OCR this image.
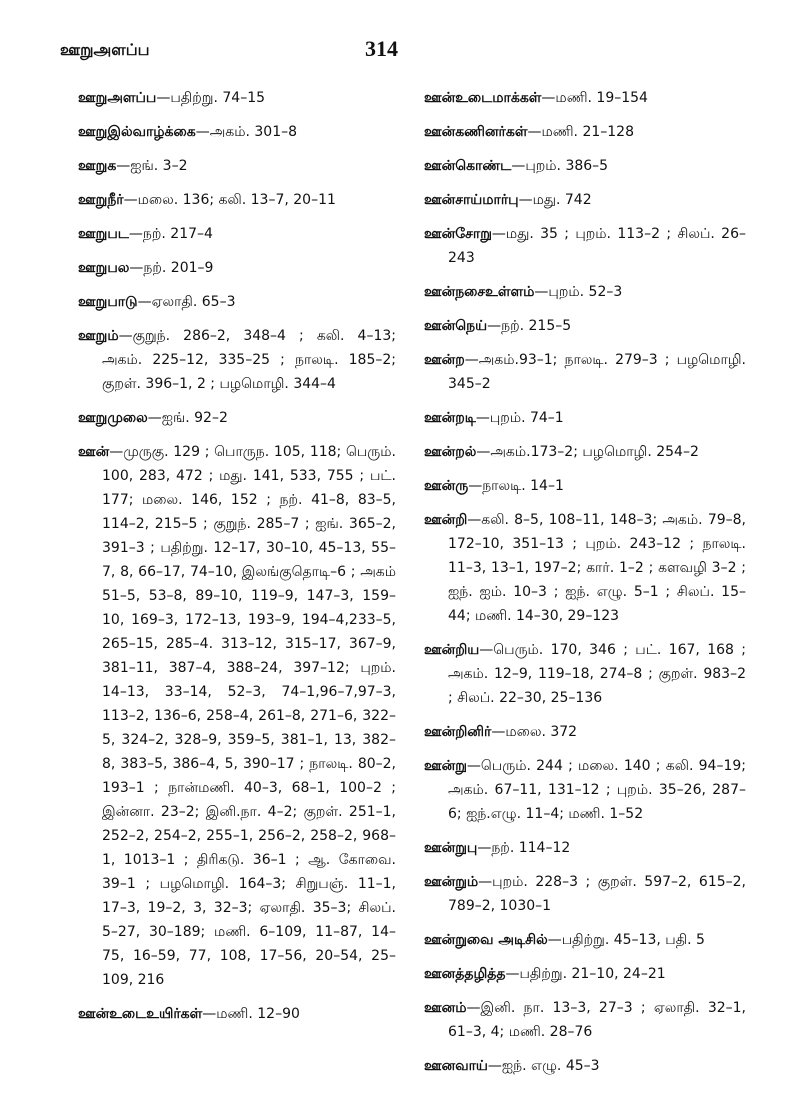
ஊறுஅளப்ப	314

ஊறுஅளப்ப—பதிற்று. 74–15

ஊறுஇல்வாழ்க்கை—அகம். 301–8

ஊறுக—ஐங். 3–2

ஊறுநீர்—மலை. 136; கலி. 13–7, 20–11

ஊறுபட—நற். 217–4

ஊறுபல—நற். 201–9

ஊறுபாடு—ஏலாதி. 65–3

ஊறும்—குறுந். 286–2, 348–4 ; கலி. 4–13; அகம். 225–12, 335–25 ; நாலடி. 185–2; குறள். 396–1, 2 ; பழமொழி. 344–4

ஊறுமுலை—ஐங். 92–2

ஊன்—முருகு. 129 ; பொருந. 105, 118; பெரும். 100, 283, 472 ; மது. 141, 533, 755 ; பட். 177; மலை. 146, 152 ; நற். 41–8, 83–5, 114–2, 215–5 ; குறுந். 285–7 ; ஐங். 365–2, 391–3 ; பதிற்று. 12–17, 30–10, 45–13, 55–7, 8, 66–17, 74–10, இலங்குதொடி–6 ; அகம் 51–5, 53–8, 89–10, 119–9, 147–3, 159–10, 169–3, 172–13, 193–9, 194–4,233–5, 265–15, 285–4. 313–12, 315–17, 367–9, 381–11, 387–4, 388–24, 397–12; புறம். 14–13, 33–14, 52–3, 74–1,96–7,97–3, 113–2, 136–6, 258–4, 261–8, 271–6, 322–5, 324–2, 328–9, 359–5, 381–1, 13, 382–8, 383–5, 386–4, 5, 390–17 ; நாலடி. 80–2, 193–1 ; நான்மணி. 40–3, 68–1, 100–2 ; இன்னா. 23–2; இனி.நா. 4–2; குறள். 251–1, 252–2, 254–2, 255–1, 256–2, 258–2, 968–1, 1013–1 ; திரிகடு. 36–1 ; ஆ. கோவை. 39–1 ; பழமொழி. 164–3; சிறுபஞ். 11–1, 17–3, 19–2, 3, 32–3; ஏலாதி. 35–3; சிலப். 5–27, 30–189; மணி. 6–109, 11–87, 14–75, 16–59, 77, 108, 17–56, 20–54, 25–109, 216

ஊன்உடைஉயிர்கள்—மணி. 12–90

ஊன்உடைமாக்கள்—மணி. 19–154

ஊன்கணினர்கள்—மணி. 21–128

ஊன்கொண்ட—புறம். 386–5

ஊன்சாய்மார்பு—மது. 742

ஊன்சோறு—மது. 35 ; புறம். 113–2 ; சிலப். 26–243

ஊன்நசைஉள்ளம்—புறம். 52–3

ஊன்நெய்—நற். 215–5

ஊன்ற—அகம்.93–1; நாலடி. 279–3 ; பழமொழி. 345–2

ஊன்றடி—புறம். 74–1

ஊன்றல்—அகம்.173–2; பழமொழி. 254–2

ஊன்ரு—நாலடி. 14–1

ஊன்றி—கலி. 8–5, 108–11, 148–3; அகம். 79–8, 172–10, 351–13 ; புறம். 243–12 ; நாலடி. 11–3, 13–1, 197–2; கார். 1–2 ; களவழி 3–2 ; ஐந். ஐம். 10–3 ; ஐந். எழு. 5–1 ; சிலப். 15–44; மணி. 14–30, 29–123

ஊன்றிய—பெரும். 170, 346 ; பட். 167, 168 ; அகம். 12–9, 119–18, 274–8 ; குறள். 983–2 ; சிலப். 22–30, 25–136

ஊன்றினிர்—மலை. 372

ஊன்று—பெரும். 244 ; மலை. 140 ; கலி. 94–19; அகம். 67–11, 131–12 ; புறம். 35–26, 287–6; ஐந்.எழு. 11–4; மணி. 1–52

ஊன்றுபு—நற். 114–12

ஊன்றும்—புறம். 228–3 ; குறள். 597–2, 615–2, 789–2, 1030–1

ஊன்றுவை அடிசில்—பதிற்று. 45–13, பதி. 5

ஊனத்தழித்த—பதிற்று. 21–10, 24–21

ஊனம்—இனி. நா. 13–3, 27–3 ; ஏலாதி. 32–1, 61–3, 4; மணி. 28–76

ஊனவாய்—ஐந். எழு. 45–3
